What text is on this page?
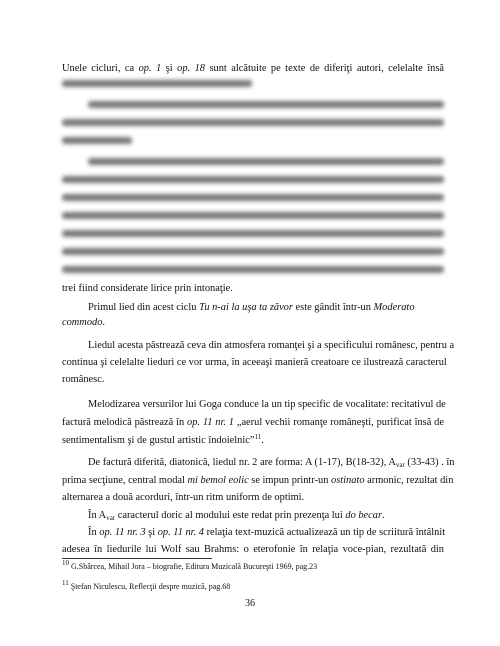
Unele cicluri, ca op. 1 şi op. 18 sunt alcătuite pe texte de diferiţi autori, celelalte însă
trei fiind considerate lirice prin intonaţie.
Primul lied din acest ciclu Tu n-ai la uşa ta zăvor este gândit într-un Moderato
commodo.
Liedul acesta păstrează ceva din atmosfera romanţei şi a specificului românesc, pentru a
continua şi celelalte lieduri ce vor urma, în aceeaşi manieră creatoare ce ilustrează caracterul
românesc.
Melodizarea versurilor lui Goga conduce la un tip specific de vocalitate: recitativul de
factură melodică păstrează în op. 11 nr. 1 „aerul vechii romanţe româneşti, purificat însă de
sentimentalism şi de gustul artistic îndoielnic”$^{11}$.
De factură diferită, diatonică, liedul nr. 2 are forma: A (1-17), B(18-32), $A_{var}$ (33-43) . în
prima secţiune, central modal mi bemol eolic se impun printr-un ostinato armonic, rezultat din
alternarea a două acorduri, într-un ritm uniform de optimi.
În $A_{var}$ caracterul doric al modului este redat prin prezenţa lui do becar.
În op. 11 nr. 3 şi op. 11 nr. 4 relaţia text-muzică actualizează un tip de scriitură întâlnit
adesea în liedurile lui Wolf sau Brahms: o eterofonie în relaţia voce-pian, rezultată din
$^{10}$ G.Sbârcea, Mihail Jora – biografie, Editura Muzicală Bucureşti 1969, pag.23
$^{11}$ Ştefan Niculescu, Reflecţii despre muzică, pag.68
36
